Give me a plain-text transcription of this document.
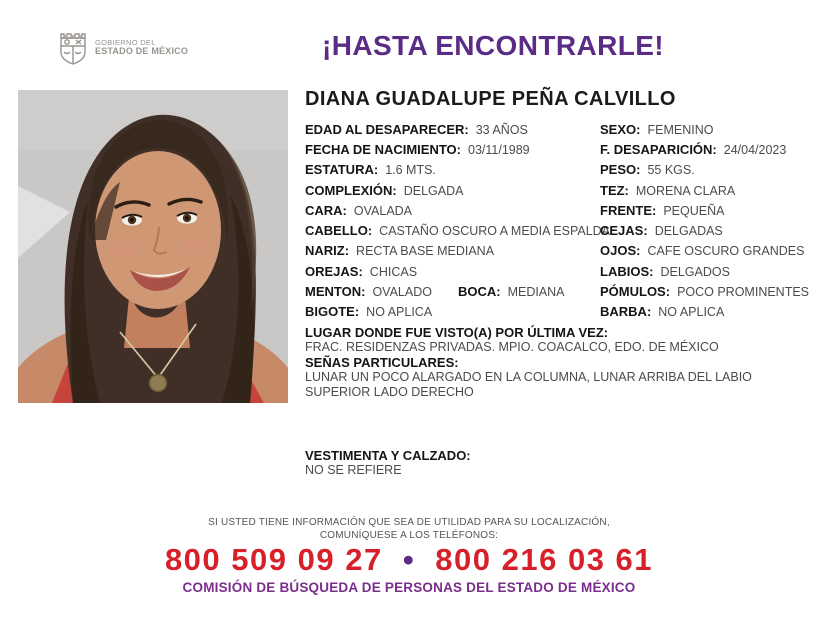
GOBIERNO DEL
ESTADO DE MÉXICO	¡HASTA ENCONTRARLE!
DIANA GUADALUPE PEÑA CALVILLO
EDAD AL DESAPARECER: 33 AÑOS
FECHA DE NACIMIENTO: 03/11/1989
ESTATURA: 1.6 MTS.
COMPLEXIÓN: DELGADA
CARA: OVALADA
CABELLO: CASTAÑO OSCURO A MEDIA ESPALDA
NARIZ: RECTA BASE MEDIANA
OREJAS: CHICAS
MENTON: OVALADO BOCA: MEDIANA
BIGOTE: NO APLICA
SEXO: FEMENINO
F. DESAPARICIÓN: 24/04/2023
PESO: 55 KGS.
TEZ: MORENA CLARA
FRENTE: PEQUEÑA
CEJAS: DELGADAS
OJOS: CAFE OSCURO GRANDES
LABIOS: DELGADOS
PÓMULOS: POCO PROMINENTES
BARBA: NO APLICA
LUGAR DONDE FUE VISTO(A) POR ÚLTIMA VEZ:
FRAC. RESIDENZAS PRIVADAS. MPIO. COACALCO, EDO. DE MÉXICO
SEÑAS PARTICULARES:
LUNAR UN POCO ALARGADO EN LA COLUMNA, LUNAR ARRIBA DEL LABIO SUPERIOR LADO DERECHO
VESTIMENTA Y CALZADO:
NO SE REFIERE
SI USTED TIENE INFORMACIÓN QUE SEA DE UTILIDAD PARA SU LOCALIZACIÓN,
COMUNÍQUESE A LOS TELÉFONOS:
800 509 09 27 • 800 216 03 61
COMISIÓN DE BÚSQUEDA DE PERSONAS DEL ESTADO DE MÉXICO
